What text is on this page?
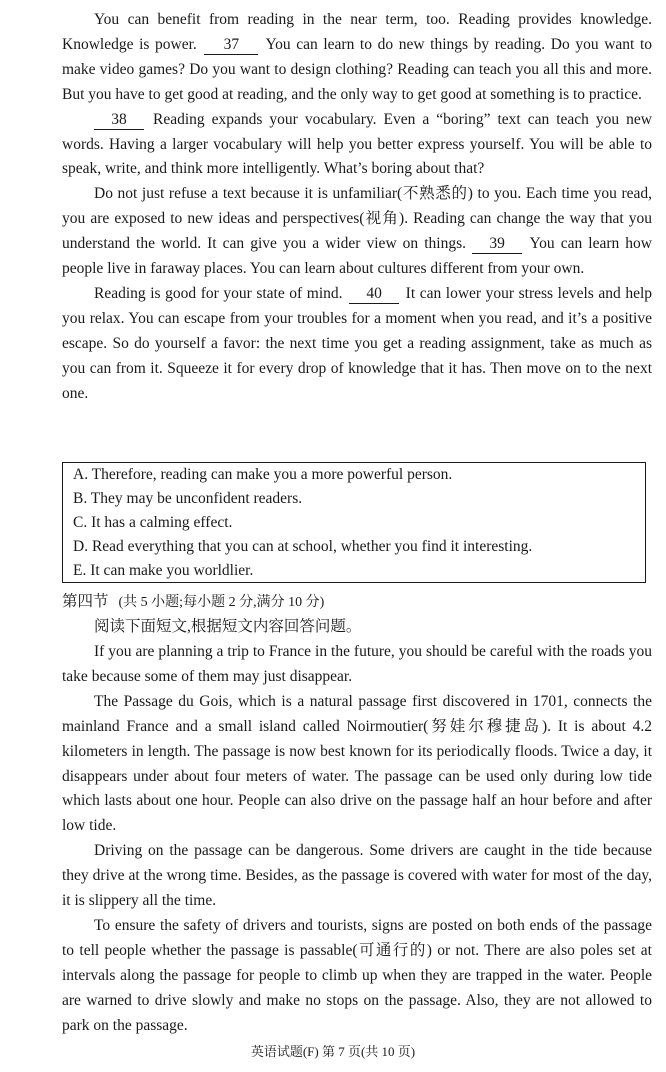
You can benefit from reading in the near term, too. Reading provides knowledge. Knowledge is power. 37 You can learn to do new things by reading. Do you want to make video games? Do you want to design clothing? Reading can teach you all this and more. But you have to get good at reading, and the only way to get good at something is to practice.

38 Reading expands your vocabulary. Even a “boring” text can teach you new words. Having a larger vocabulary will help you better express yourself. You will be able to speak, write, and think more intelligently. What’s boring about that?

Do not just refuse a text because it is unfamiliar(不熟悉的) to you. Each time you read, you are exposed to new ideas and perspectives(视角). Reading can change the way that you understand the world. It can give you a wider view on things. 39 You can learn how people live in faraway places. You can learn about cultures different from your own.

Reading is good for your state of mind. 40 It can lower your stress levels and help you relax. You can escape from your troubles for a moment when you read, and it’s a positive escape. So do yourself a favor: the next time you get a reading assignment, take as much as you can from it. Squeeze it for every drop of knowledge that it has. Then move on to the next one.

A. Therefore, reading can make you a more powerful person.
B. They may be unconfident readers.
C. It has a calming effect.
D. Read everything that you can at school, whether you find it interesting.
E. It can make you worldlier.
第四节 (共 5 小题;每小题 2 分,满分 10 分)
阅读下面短文,根据短文内容回答问题。

If you are planning a trip to France in the future, you should be careful with the roads you take because some of them may just disappear.

The Passage du Gois, which is a natural passage first discovered in 1701, connects the mainland France and a small island called Noirmoutier(努娃尔穆捷岛). It is about 4.2 kilometers in length. The passage is now best known for its periodically floods. Twice a day, it disappears under about four meters of water. The passage can be used only during low tide which lasts about one hour. People can also drive on the passage half an hour before and after low tide.

Driving on the passage can be dangerous. Some drivers are caught in the tide because they drive at the wrong time. Besides, as the passage is covered with water for most of the day, it is slippery all the time.

To ensure the safety of drivers and tourists, signs are posted on both ends of the passage to tell people whether the passage is passable(可通行的) or not. There are also poles set at intervals along the passage for people to climb up when they are trapped in the water. People are warned to drive slowly and make no stops on the passage. Also, they are not allowed to park on the passage.

英语试题(F) 第 7 页(共 10 页)
